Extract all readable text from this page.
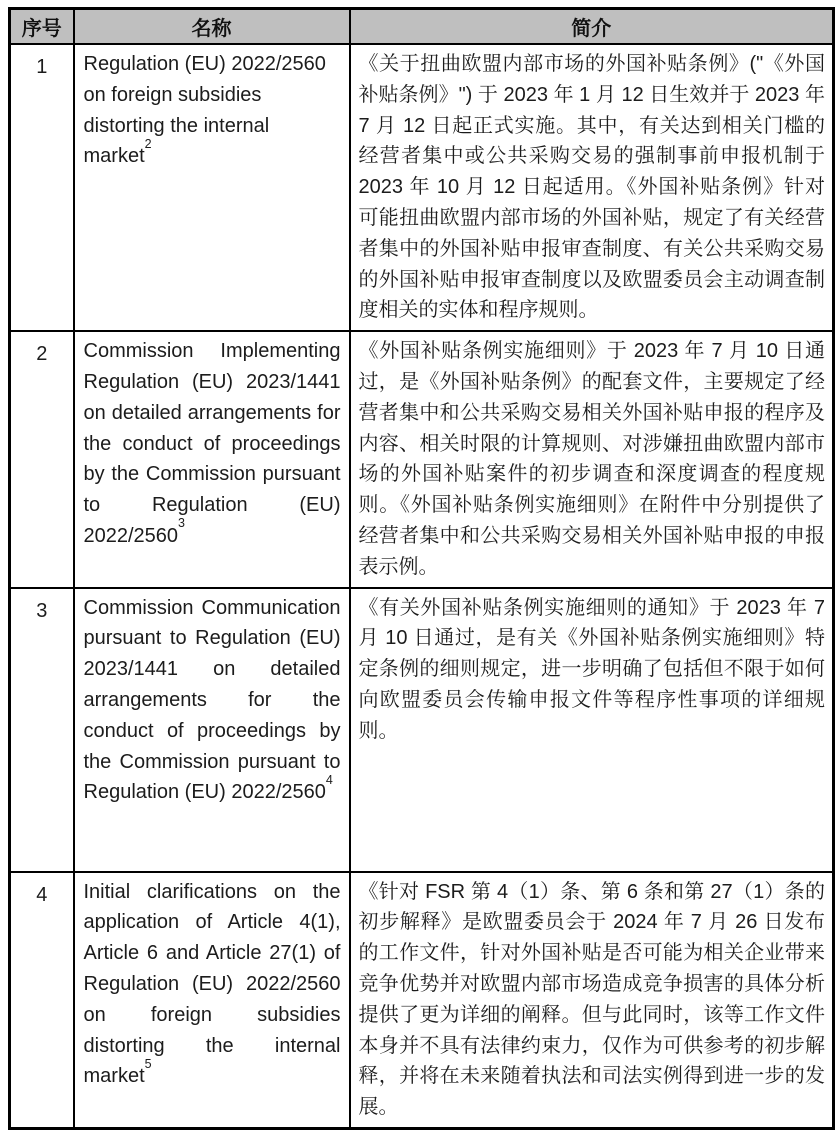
序号	名称	简介
1	Regulation (EU) 2022/2560 on foreign subsidies distorting the internal market$^2$	《关于扭曲欧盟内部市场的外国补贴条例》("《外国补贴条例》") 于 2023 年 1 月 12 日生效并于 2023 年 7 月 12 日起正式实施。其中，有关达到相关门槛的经营者集中或公共采购交易的强制事前申报机制于 2023 年 10 月 12 日起适用。《外国补贴条例》针对可能扭曲欧盟内部市场的外国补贴，规定了有关经营者集中的外国补贴申报审查制度、有关公共采购交易的外国补贴申报审查制度以及欧盟委员会主动调查制度相关的实体和程序规则。
2	Commission Implementing Regulation (EU) 2023/1441 on detailed arrangements for the conduct of proceedings by the Commission pursuant to Regulation (EU) 2022/2560$^3$	《外国补贴条例实施细则》于 2023 年 7 月 10 日通过，是《外国补贴条例》的配套文件，主要规定了经营者集中和公共采购交易相关外国补贴申报的程序及内容、相关时限的计算规则、对涉嫌扭曲欧盟内部市场的外国补贴案件的初步调查和深度调查的程度规则。《外国补贴条例实施细则》在附件中分别提供了经营者集中和公共采购交易相关外国补贴申报的申报表示例。
3	Commission Communication pursuant to Regulation (EU) 2023/1441 on detailed arrangements for the conduct of proceedings by the Commission pursuant to Regulation (EU) 2022/2560$^4$	《有关外国补贴条例实施细则的通知》于 2023 年 7 月 10 日通过，是有关《外国补贴条例实施细则》特定条例的细则规定，进一步明确了包括但不限于如何向欧盟委员会传输申报文件等程序性事项的详细规则。
4	Initial clarifications on the application of Article 4(1), Article 6 and Article 27(1) of Regulation (EU) 2022/2560 on foreign subsidies distorting the internal market$^5$	《针对 FSR 第 4（1）条、第 6 条和第 27（1）条的初步解释》是欧盟委员会于 2024 年 7 月 26 日发布的工作文件，针对外国补贴是否可能为相关企业带来竞争优势并对欧盟内部市场造成竞争损害的具体分析提供了更为详细的阐释。但与此同时，该等工作文件本身并不具有法律约束力，仅作为可供参考的初步解释，并将在未来随着执法和司法实例得到进一步的发展。
